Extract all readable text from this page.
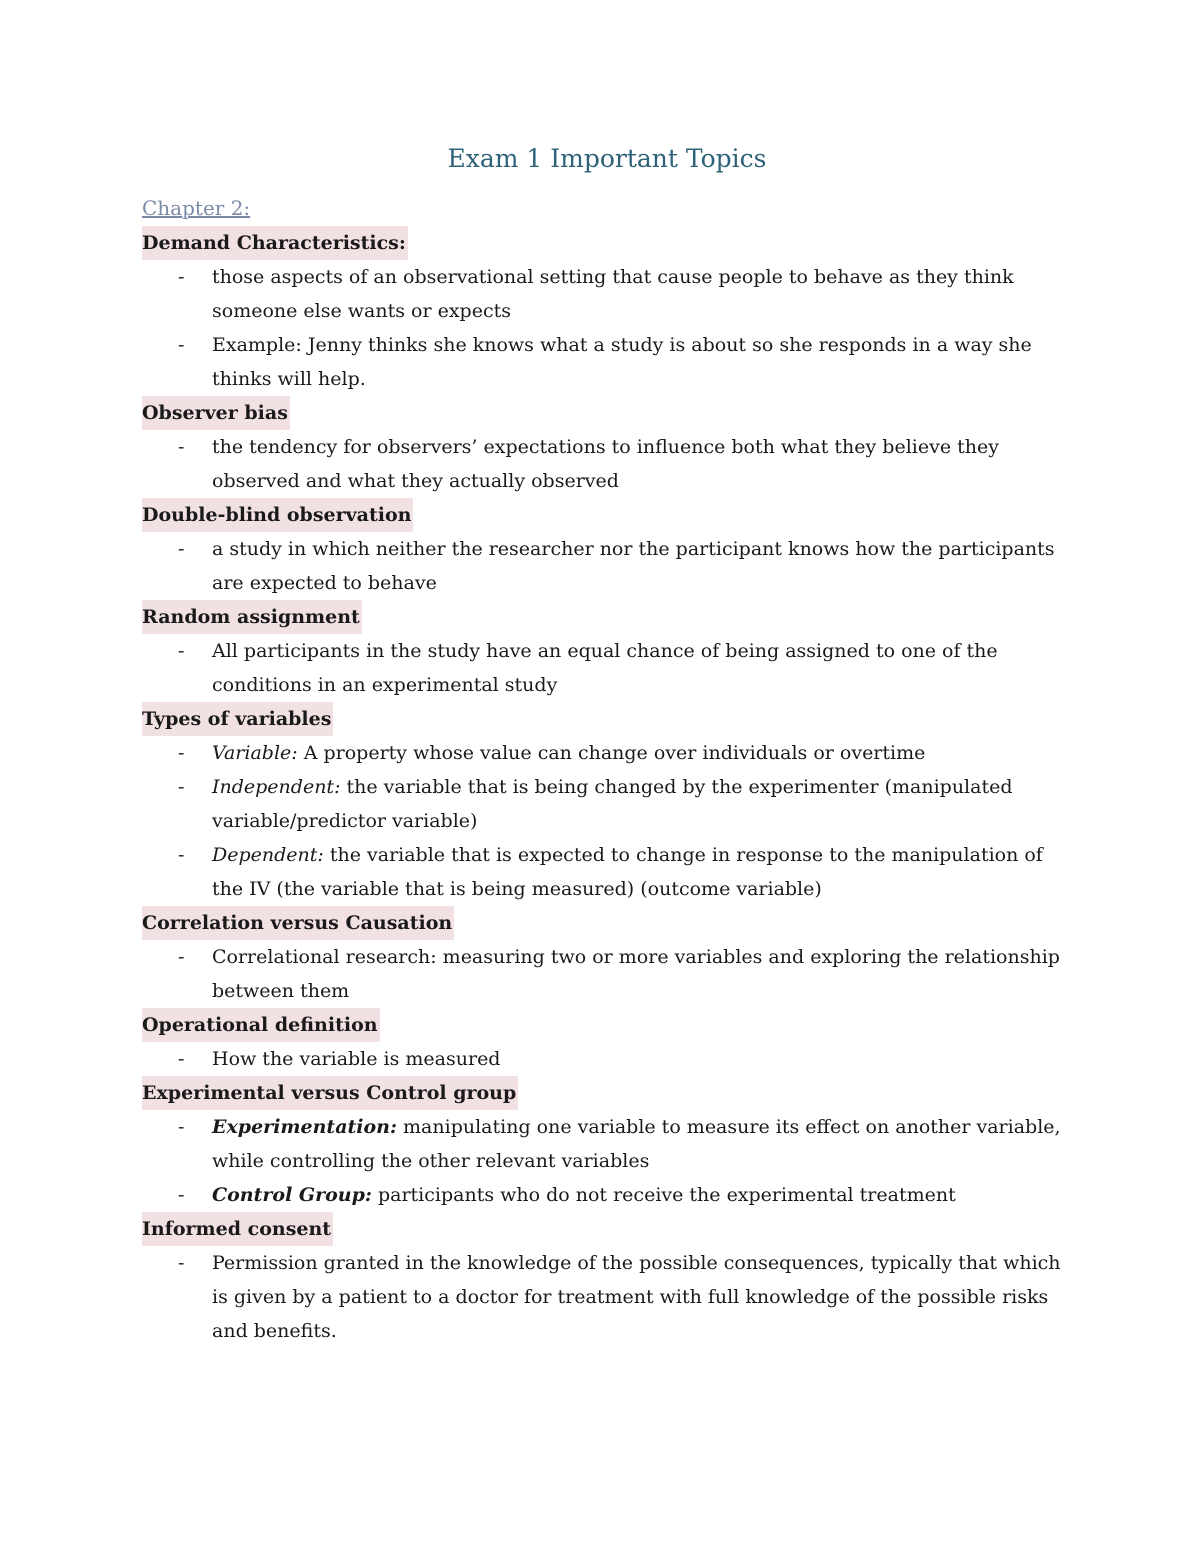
Exam 1 Important Topics
Chapter 2:
Demand Characteristics:
- those aspects of an observational setting that cause people to behave as they think someone else wants or expects
- Example: Jenny thinks she knows what a study is about so she responds in a way she thinks will help.
Observer bias
- the tendency for observers’ expectations to influence both what they believe they observed and what they actually observed
Double-blind observation
- a study in which neither the researcher nor the participant knows how the participants are expected to behave
Random assignment
- All participants in the study have an equal chance of being assigned to one of the conditions in an experimental study
Types of variables
- Variable: A property whose value can change over individuals or overtime
- Independent: the variable that is being changed by the experimenter (manipulated variable/predictor variable)
- Dependent: the variable that is expected to change in response to the manipulation of the IV (the variable that is being measured) (outcome variable)
Correlation versus Causation
- Correlational research: measuring two or more variables and exploring the relationship between them
Operational definition
- How the variable is measured
Experimental versus Control group
- Experimentation: manipulating one variable to measure its effect on another variable, while controlling the other relevant variables
- Control Group: participants who do not receive the experimental treatment
Informed consent
- Permission granted in the knowledge of the possible consequences, typically that which is given by a patient to a doctor for treatment with full knowledge of the possible risks and benefits.
